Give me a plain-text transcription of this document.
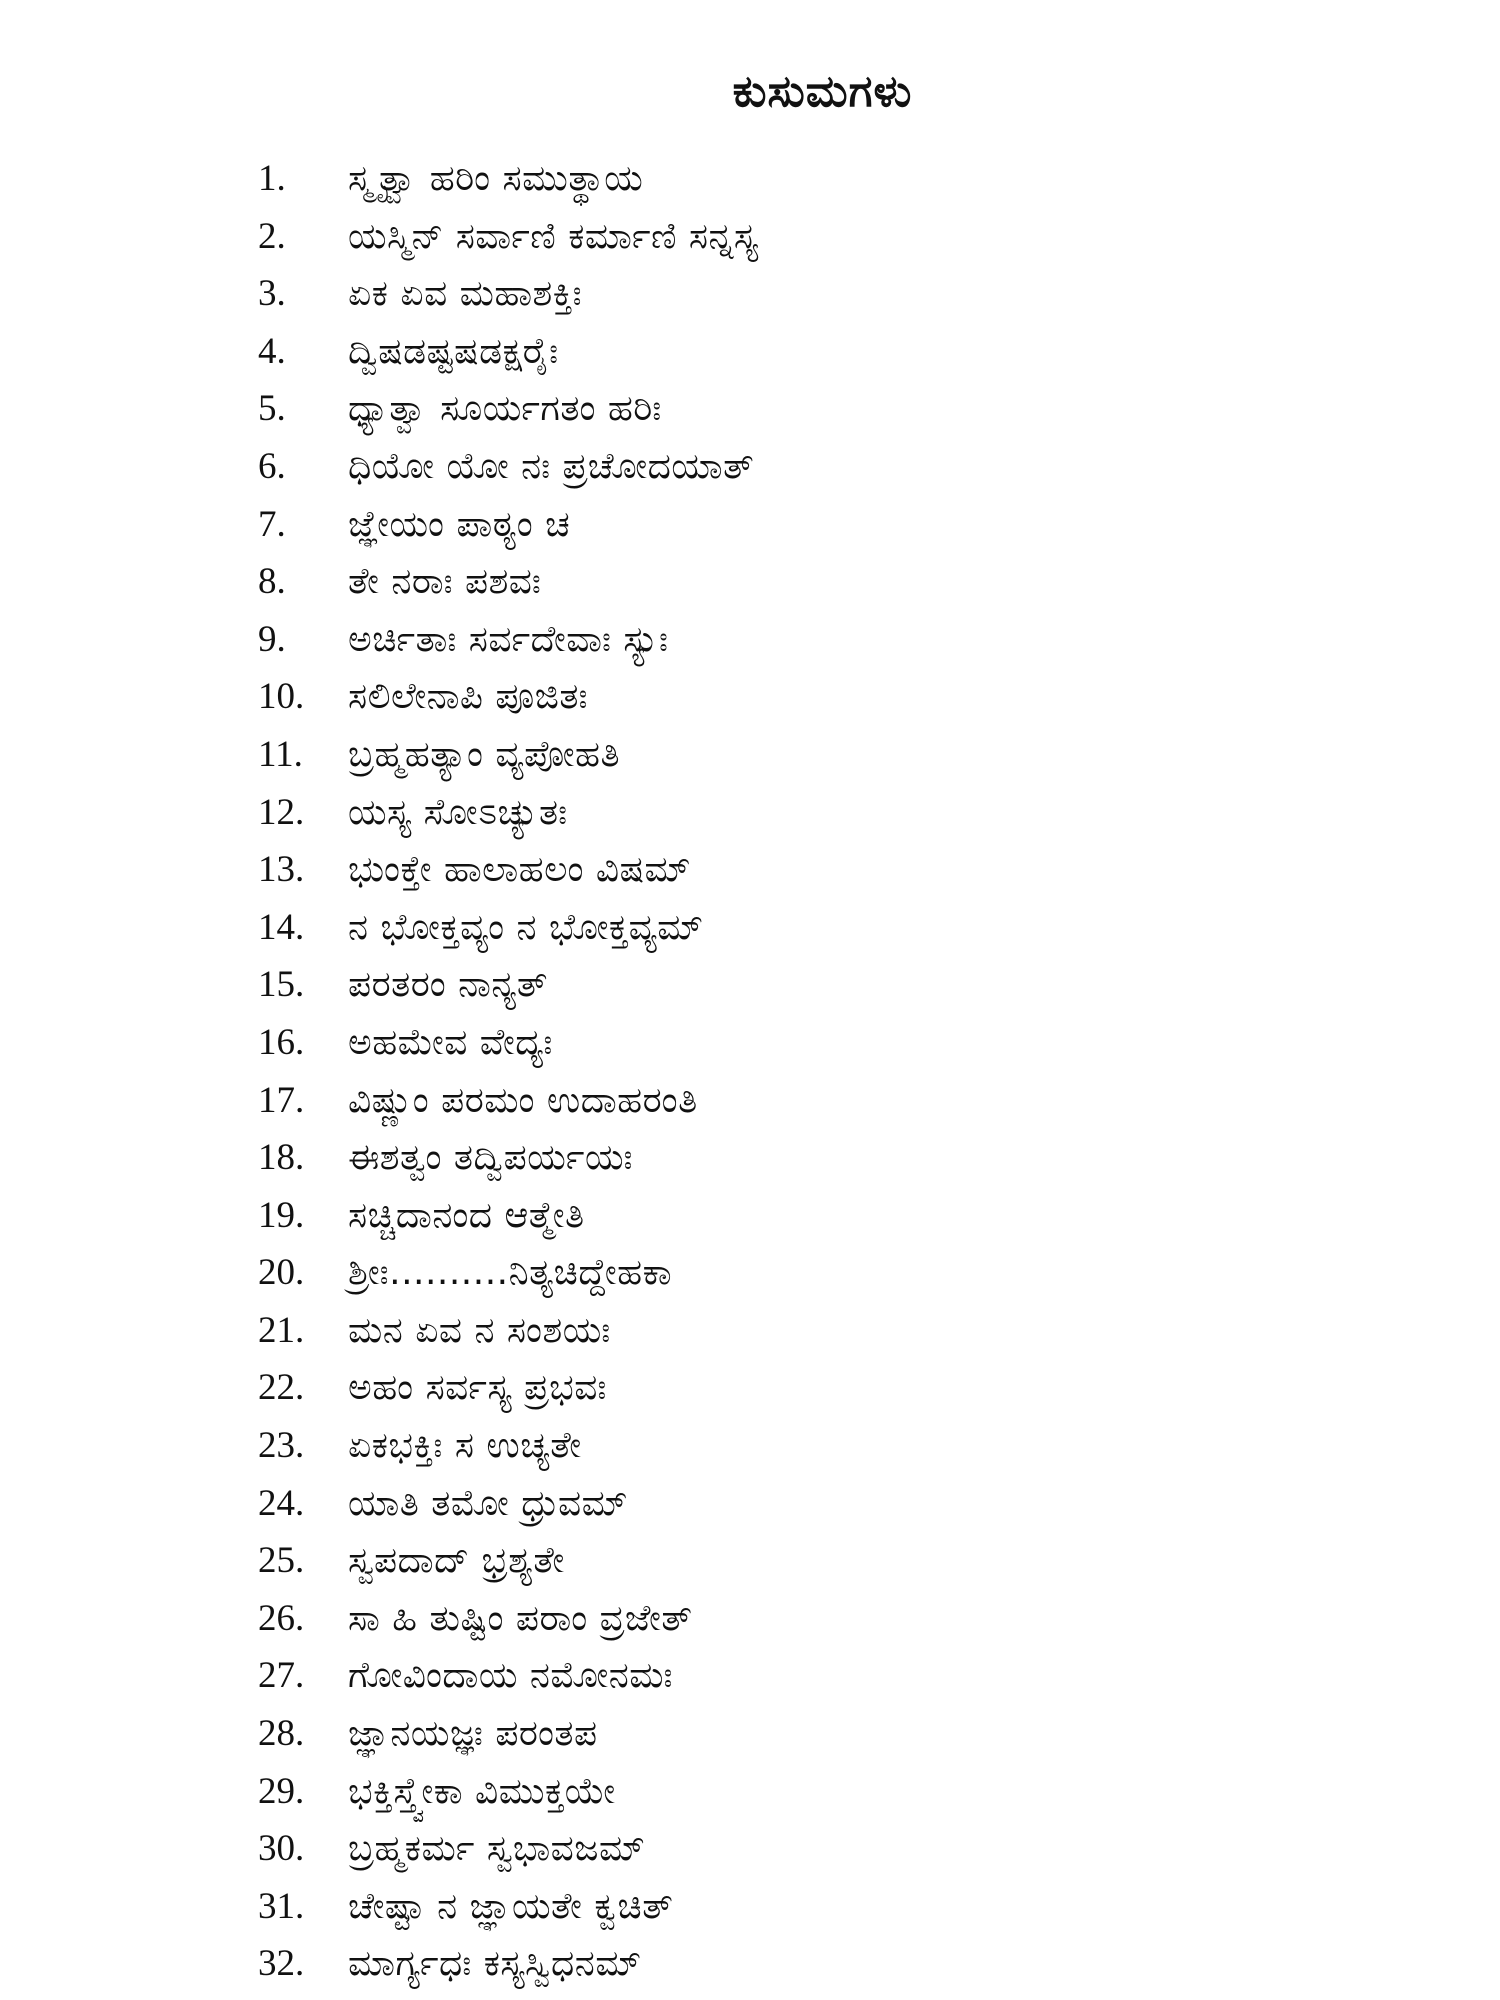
ಕುಸುಮಗಳು
1.	ಸ್ಮೃತ್ವಾ ಹರಿಂ ಸಮುತ್ಥಾಯ
2.	ಯಸ್ಮಿನ್ ಸರ್ವಾಣಿ ಕರ್ಮಾಣಿ ಸನ್ನಸ್ಯ
3.	ಏಕ ಏವ ಮಹಾಶಕ್ತಿಃ
4.	ದ್ವಿಷಡಷ್ಟಷಡಕ್ಷರೈಃ
5.	ಧ್ಯಾತ್ವಾ ಸೂರ್ಯಗತಂ ಹರಿಃ
6.	ಧಿಯೋ ಯೋ ನಃ ಪ್ರಚೋದಯಾತ್
7.	ಜ್ಞೇಯಂ ಪಾಠ್ಯಂ ಚ
8.	ತೇ ನರಾಃ ಪಶವಃ
9.	ಅರ್ಚಿತಾಃ ಸರ್ವದೇವಾಃ ಸ್ಯುಃ
10.	ಸಲಿಲೇನಾಪಿ ಪೂಜಿತಃ
11.	ಬ್ರಹ್ಮಹತ್ಯಾಂ ವ್ಯಪೋಹತಿ
12.	ಯಸ್ಯ ಸೋಽಚ್ಯುತಃ
13.	ಭುಂಕ್ತೇ ಹಾಲಾಹಲಂ ವಿಷಮ್
14.	ನ ಭೋಕ್ತವ್ಯಂ ನ ಭೋಕ್ತವ್ಯಮ್
15.	ಪರತರಂ ನಾನ್ಯತ್
16.	ಅಹಮೇವ ವೇದ್ಯಃ
17.	ವಿಷ್ಣುಂ ಪರಮಂ ಉದಾಹರಂತಿ
18.	ಈಶತ್ವಂ ತದ್ವಿಪರ್ಯಯಃ
19.	ಸಚ್ಚಿದಾನಂದ ಆತ್ಮೇತಿ
20.	ಶ್ರೀಃ..........ನಿತ್ಯಚಿದ್ದೇಹಕಾ
21.	ಮನ ಏವ ನ ಸಂಶಯಃ
22.	ಅಹಂ ಸರ್ವಸ್ಯ ಪ್ರಭವಃ
23.	ಏಕಭಕ್ತಿಃ ಸ ಉಚ್ಯತೇ
24.	ಯಾತಿ ತಮೋ ಧ್ರುವಮ್
25.	ಸ್ವಪದಾದ್ ಭ್ರಶ್ಯತೇ
26.	ಸಾ ಹಿ ತುಷ್ಟಿಂ ಪರಾಂ ವ್ರಜೇತ್
27.	ಗೋವಿಂದಾಯ ನಮೋನಮಃ
28.	ಜ್ಞಾನಯಜ್ಞಃ ಪರಂತಪ
29.	ಭಕ್ತಿಸ್ತ್ವೇಕಾ ವಿಮುಕ್ತಯೇ
30.	ಬ್ರಹ್ಮಕರ್ಮ ಸ್ವಭಾವಜಮ್
31.	ಚೇಷ್ಟಾ ನ ಜ್ಞಾಯತೇ ಕ್ವಚಿತ್
32.	ಮಾರ್ಗ್ಯಧಃ ಕಸ್ಯಸ್ವಿಧನಮ್
